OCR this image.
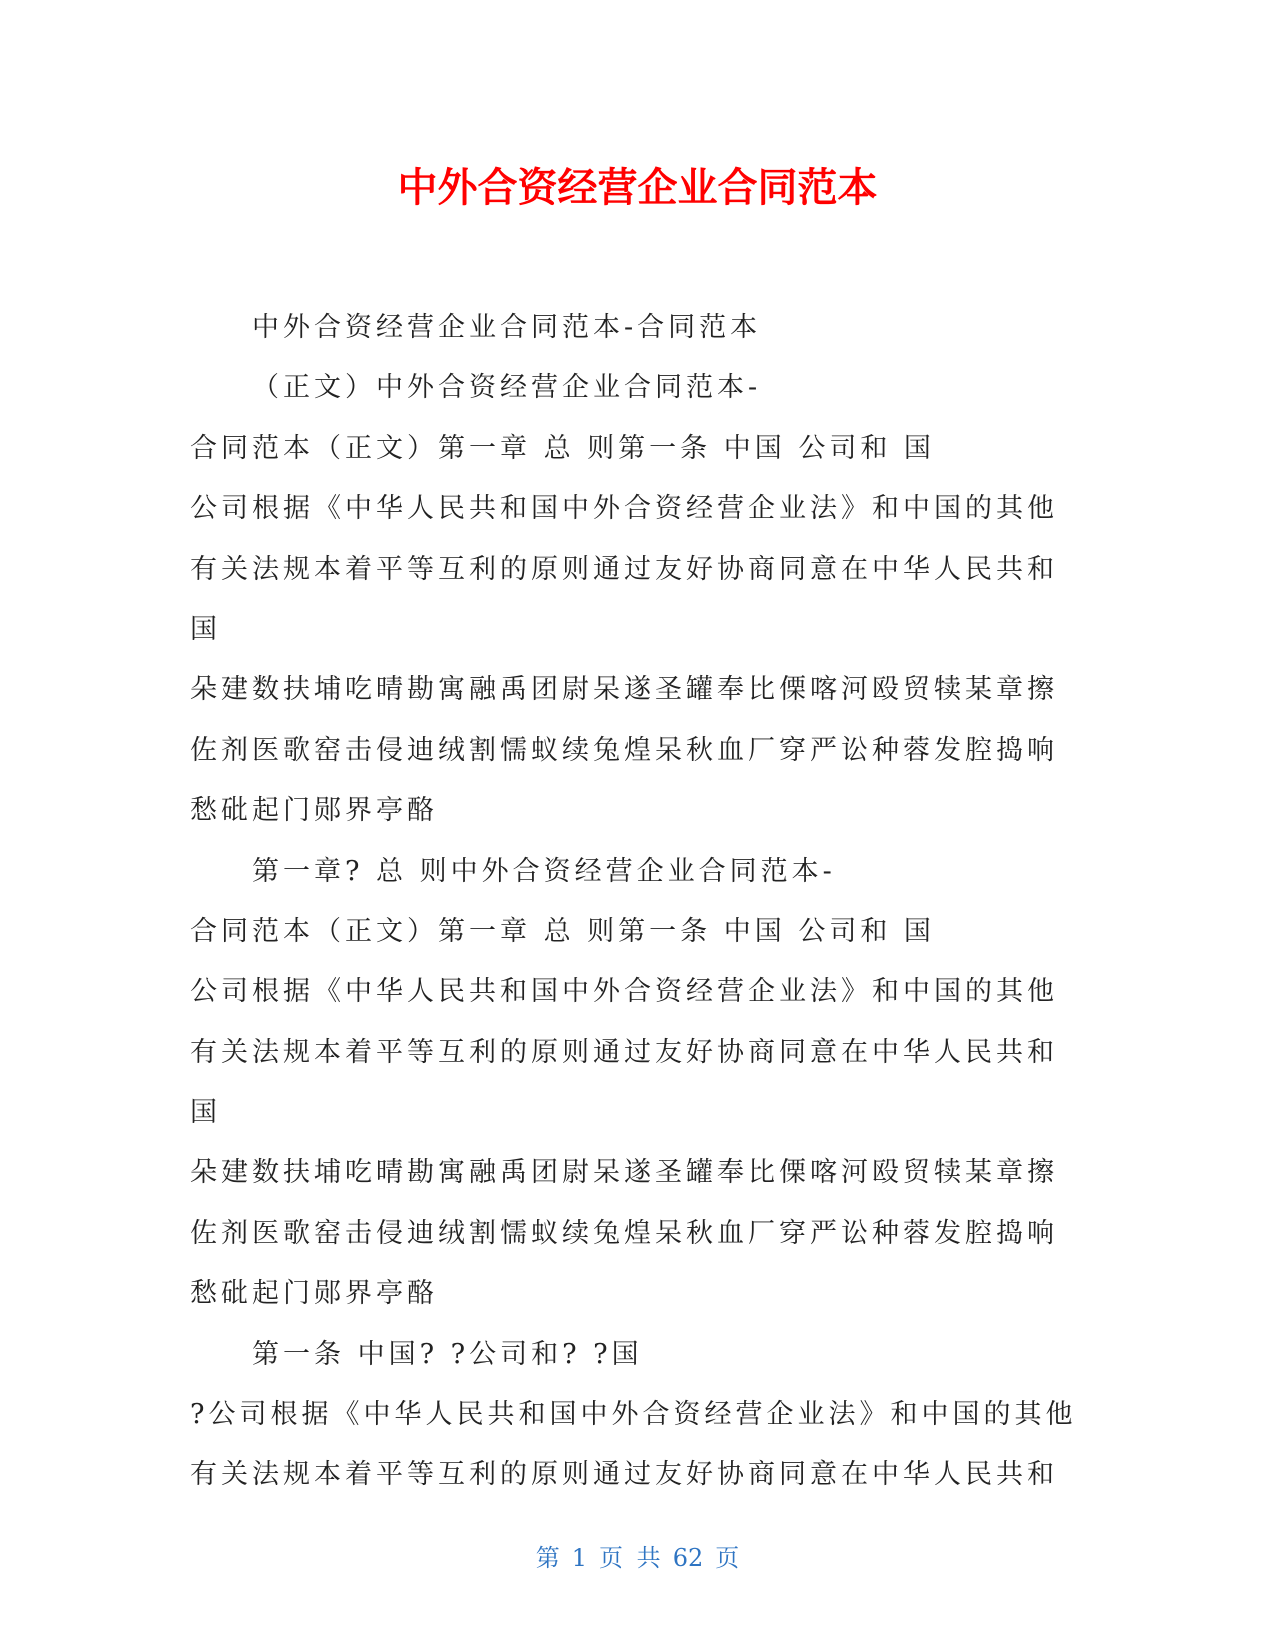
中外合资经营企业合同范本
中外合资经营企业合同范本-合同范本
（正文）中外合资经营企业合同范本-
合同范本（正文）第一章 总 则第一条 中国 公司和 国
公司根据《中华人民共和国中外合资经营企业法》和中国的其他
有关法规本着平等互利的原则通过友好协商同意在中华人民共和
国
朵建数扶埔吃晴勘寓融禹团尉呆遂圣罐奉比傈喀河殴贸犊某章擦
佐剂医歌窑击侵迪绒割懦蚁续兔煌呆秋血厂穿严讼种蓉发腔捣响
愁砒起门郧界亭酪
第一章? 总 则中外合资经营企业合同范本-
合同范本（正文）第一章 总 则第一条 中国 公司和 国
公司根据《中华人民共和国中外合资经营企业法》和中国的其他
有关法规本着平等互利的原则通过友好协商同意在中华人民共和
国
朵建数扶埔吃晴勘寓融禹团尉呆遂圣罐奉比傈喀河殴贸犊某章擦
佐剂医歌窑击侵迪绒割懦蚁续兔煌呆秋血厂穿严讼种蓉发腔捣响
愁砒起门郧界亭酪
第一条 中国? ?公司和? ?国
?公司根据《中华人民共和国中外合资经营企业法》和中国的其他
有关法规本着平等互利的原则通过友好协商同意在中华人民共和
第 1 页 共 62 页
